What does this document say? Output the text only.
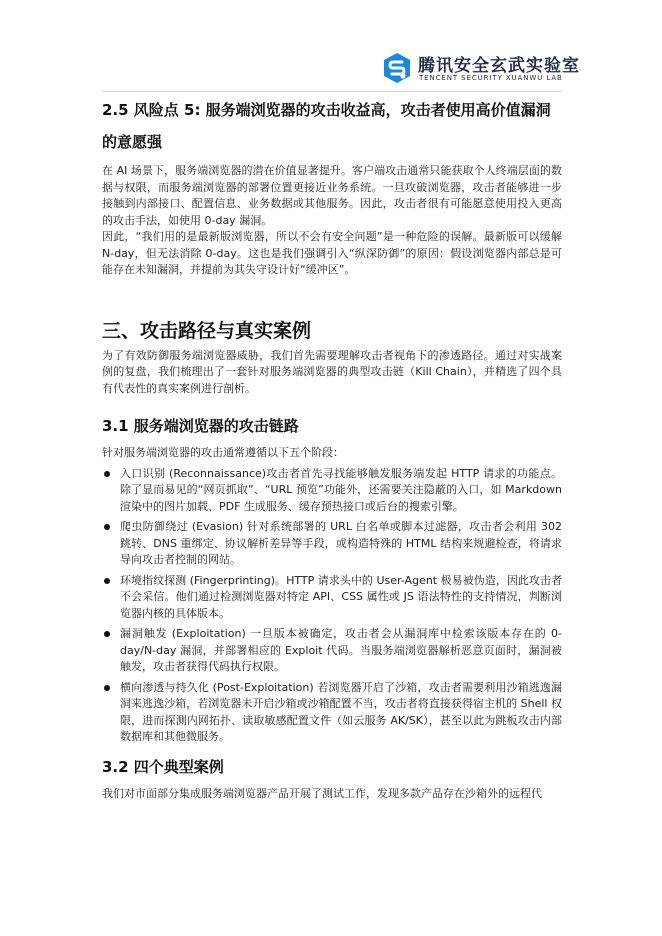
腾讯安全玄武实验室
TENCENT SECURITY XUANWU LAB
2.5 风险点 5: 服务端浏览器的攻击收益高，攻击者使用高价值漏洞的意愿强

在 AI 场景下，服务端浏览器的潜在价值显著提升。客户端攻击通常只能获取个人终端层面的数据与权限，而服务端浏览器的部署位置更接近业务系统。一旦攻破浏览器，攻击者能够进一步接触到内部接口、配置信息、业务数据或其他服务。因此，攻击者很有可能愿意使用投入更高的攻击手法，如使用 0-day 漏洞。

因此，“我们用的是最新版浏览器，所以不会有安全问题”是一种危险的误解。最新版可以缓解 N-day，但无法消除 0-day。这也是我们强调引入“纵深防御”的原因：假设浏览器内部总是可能存在未知漏洞，并提前为其失守设计好“缓冲区”。

三、攻击路径与真实案例

为了有效防御服务端浏览器威胁，我们首先需要理解攻击者视角下的渗透路径。通过对实战案例的复盘，我们梳理出了一套针对服务端浏览器的典型攻击链（Kill Chain），并精选了四个具有代表性的真实案例进行剖析。

3.1 服务端浏览器的攻击链路

针对服务端浏览器的攻击通常遵循以下五个阶段：

入口识别 (Reconnaissance)攻击者首先寻找能够触发服务端发起 HTTP 请求的功能点。除了显而易见的“网页抓取”、“URL 预览”功能外，还需要关注隐蔽的入口，如 Markdown 渲染中的图片加载、PDF 生成服务、缓存预热接口或后台的搜索引擎。
爬虫防御绕过 (Evasion) 针对系统部署的 URL 白名单或脚本过滤器，攻击者会利用 302 跳转、DNS 重绑定、协议解析差异等手段，或构造特殊的 HTML 结构来规避检查，将请求导向攻击者控制的网站。
环境指纹探测 (Fingerprinting)。HTTP 请求头中的 User-Agent 极易被伪造，因此攻击者不会采信。他们通过检测浏览器对特定 API、CSS 属性或 JS 语法特性的支持情况，判断浏览器内核的具体版本。
漏洞触发 (Exploitation) 一旦版本被确定，攻击者会从漏洞库中检索该版本存在的 0-day/N-day 漏洞，并部署相应的 Exploit 代码。当服务端浏览器解析恶意页面时，漏洞被触发，攻击者获得代码执行权限。
横向渗透与持久化 (Post-Exploitation) 若浏览器开启了沙箱，攻击者需要利用沙箱逃逸漏洞来逃逸沙箱，若浏览器未开启沙箱或沙箱配置不当，攻击者将直接获得宿主机的 Shell 权限，进而探测内网拓扑、读取敏感配置文件（如云服务 AK/SK），甚至以此为跳板攻击内部数据库和其他微服务。
3.2 四个典型案例

我们对市面部分集成服务端浏览器产品开展了测试工作，发现多款产品存在沙箱外的远程代
